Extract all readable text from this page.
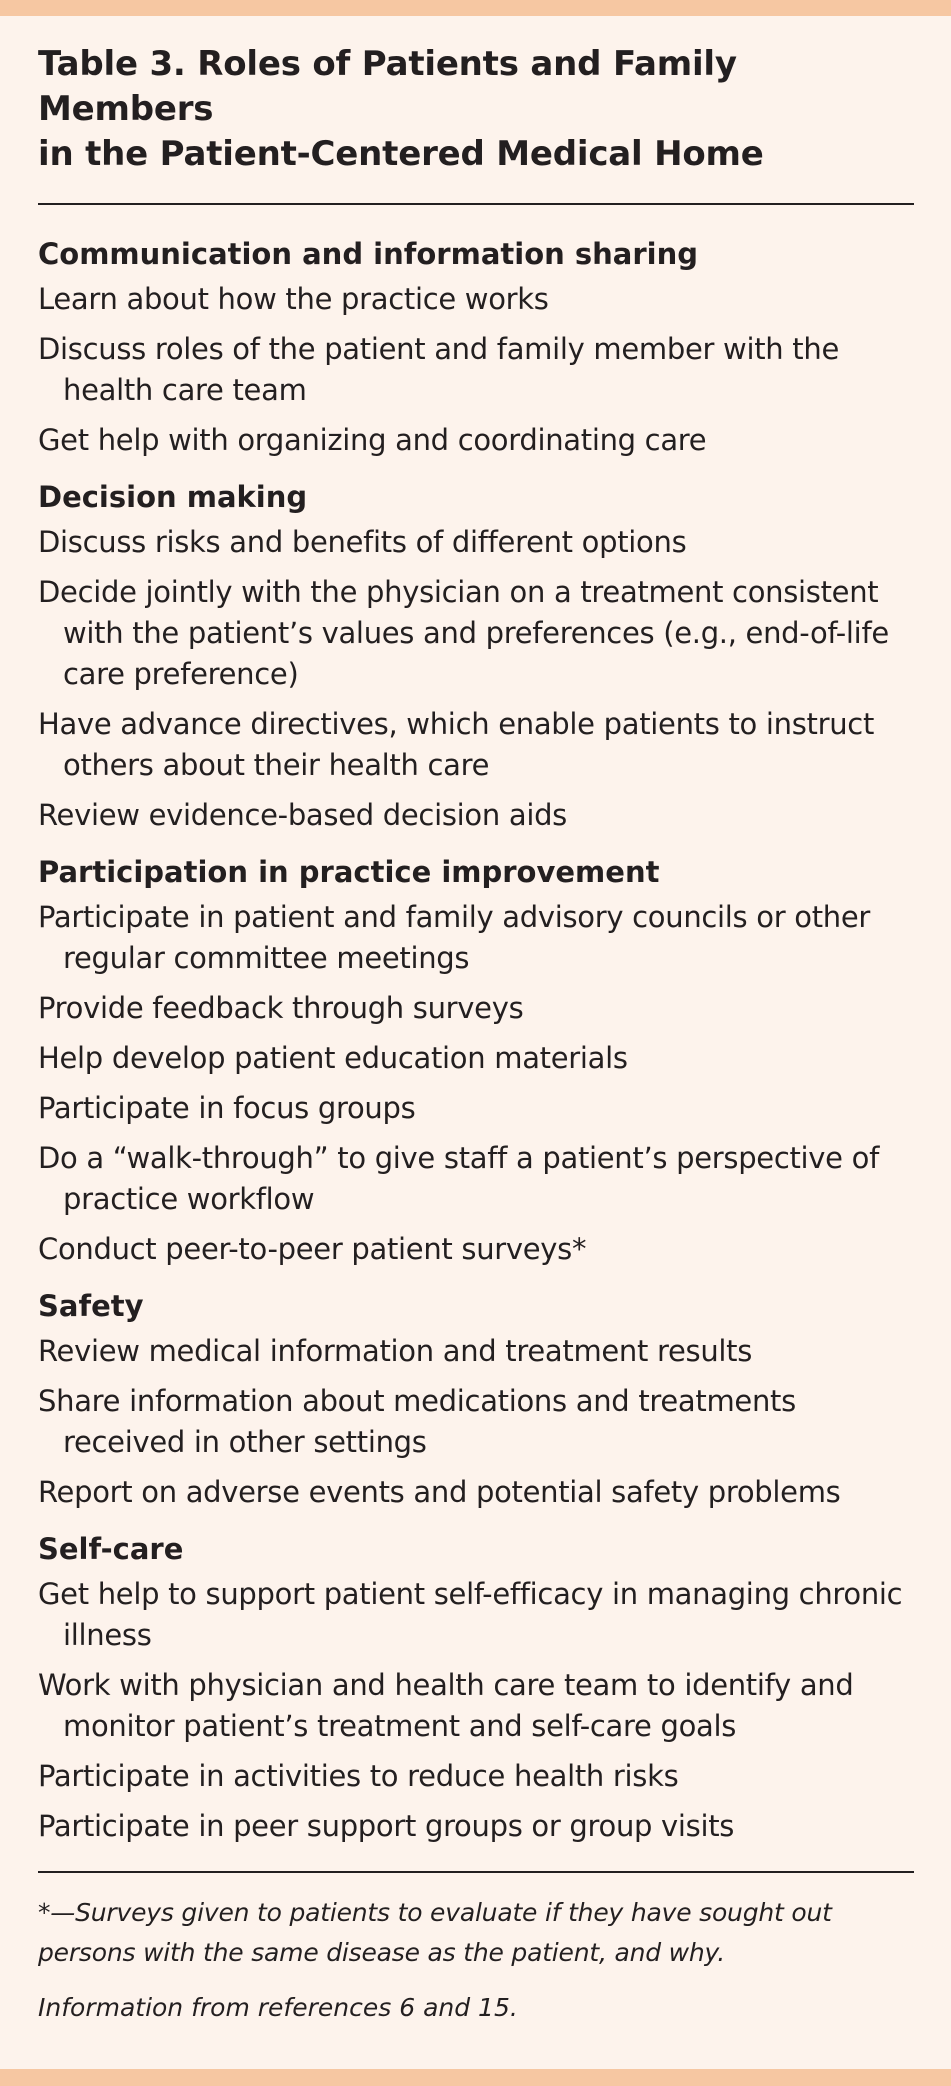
Table 3. Roles of Patients and Family Members
in the Patient-Centered Medical Home
Communication and information sharing
Learn about how the practice works
Discuss roles of the patient and family member with the health care team
Get help with organizing and coordinating care
Decision making
Discuss risks and benefits of different options
Decide jointly with the physician on a treatment consistent with the patient’s values and preferences (e.g., end-of-life care preference)
Have advance directives, which enable patients to instruct others about their health care
Review evidence-based decision aids
Participation in practice improvement
Participate in patient and family advisory councils or other regular committee meetings
Provide feedback through surveys
Help develop patient education materials
Participate in focus groups
Do a “walk-through” to give staff a patient’s perspective of practice workflow
Conduct peer-to-peer patient surveys*
Safety
Review medical information and treatment results
Share information about medications and treatments received in other settings
Report on adverse events and potential safety problems
Self-care
Get help to support patient self-efficacy in managing chronic illness
Work with physician and health care team to identify and monitor patient’s treatment and self-care goals
Participate in activities to reduce health risks
Participate in peer support groups or group visits

*—Surveys given to patients to evaluate if they have sought out persons with the same disease as the patient, and why.

Information from references 6 and 15.
